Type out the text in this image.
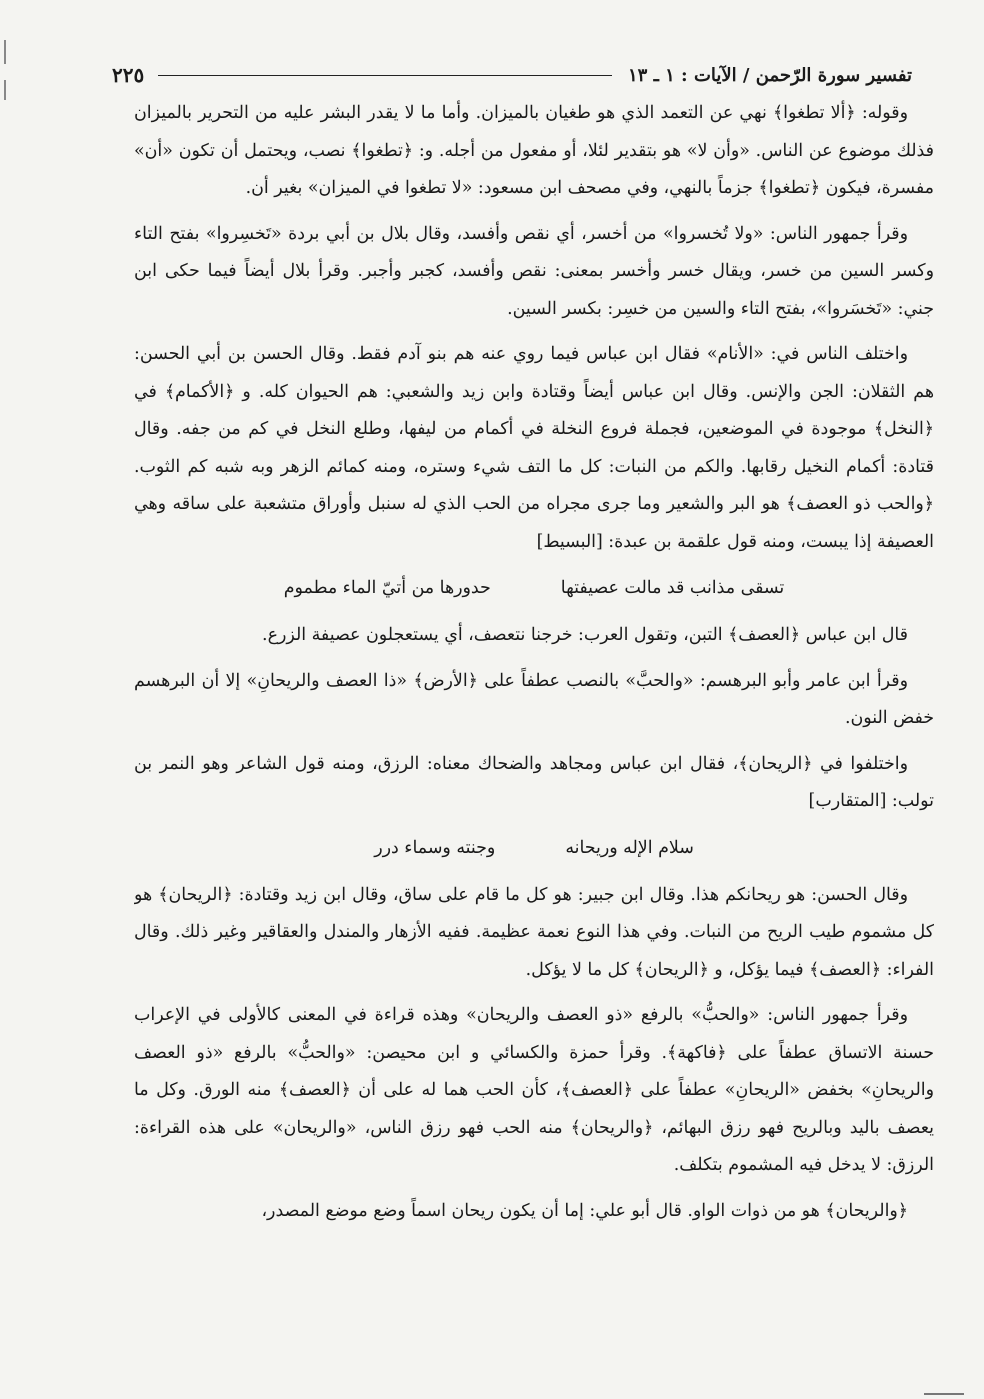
تفسير سورة الرّحمن / الآيات : ١ ـ ١٣
٢٢٥

وقوله: ﴿ألا تطغوا﴾ نهي عن التعمد الذي هو طغيان بالميزان. وأما ما لا يقدر البشر عليه من التحرير بالميزان فذلك موضوع عن الناس. «وأن لا» هو بتقدير لئلا، أو مفعول من أجله. و: ﴿تطغوا﴾ نصب، ويحتمل أن تكون «أن» مفسرة، فيكون ﴿تطغوا﴾ جزماً بالنهي، وفي مصحف ابن مسعود: «لا تطغوا في الميزان» بغير أن.

وقرأ جمهور الناس: «ولا تُخسروا» من أخسر، أي نقص وأفسد، وقال بلال بن أبي بردة «تَخسِروا» بفتح التاء وكسر السين من خسر، ويقال خسر وأخسر بمعنى: نقص وأفسد، كجبر وأجبر. وقرأ بلال أيضاً فيما حكى ابن جني: «تَخسَروا»، بفتح التاء والسين من خسِر: بكسر السين.

واختلف الناس في: «الأنام» فقال ابن عباس فيما روي عنه هم بنو آدم فقط. وقال الحسن بن أبي الحسن: هم الثقلان: الجن والإنس. وقال ابن عباس أيضاً وقتادة وابن زيد والشعبي: هم الحيوان كله. و ﴿الأكمام﴾ في ﴿النخل﴾ موجودة في الموضعين، فجملة فروع النخلة في أكمام من ليفها، وطلع النخل في كم من جفه. وقال قتادة: أكمام النخيل رقابها. والكم من النبات: كل ما التف شيء وستره، ومنه كمائم الزهر وبه شبه كم الثوب. ﴿والحب ذو العصف﴾ هو البر والشعير وما جرى مجراه من الحب الذي له سنبل وأوراق متشعبة على ساقه وهي العصيفة إذا يبست، ومنه قول علقمة بن عبدة: [البسيط]

تسقى مذانب قد مالت عصيفتها
حدورها من أتيّ الماء مطموم

قال ابن عباس ﴿العصف﴾ التبن، وتقول العرب: خرجنا نتعصف، أي يستعجلون عصيفة الزرع.

وقرأ ابن عامر وأبو البرهسم: «والحبَّ» بالنصب عطفاً على ﴿الأرض﴾ «ذا العصف والريحانِ» إلا أن البرهسم خفض النون.

واختلفوا في ﴿الريحان﴾، فقال ابن عباس ومجاهد والضحاك معناه: الرزق، ومنه قول الشاعر وهو النمر بن تولب: [المتقارب]

سلام الإله وريحانه
وجنته وسماء درر

وقال الحسن: هو ريحانكم هذا. وقال ابن جبير: هو كل ما قام على ساق، وقال ابن زيد وقتادة: ﴿الريحان﴾ هو كل مشموم طيب الريح من النبات. وفي هذا النوع نعمة عظيمة. ففيه الأزهار والمندل والعقاقير وغير ذلك. وقال الفراء: ﴿العصف﴾ فيما يؤكل، و ﴿الريحان﴾ كل ما لا يؤكل.

وقرأ جمهور الناس: «والحبُّ» بالرفع «ذو العصف والريحان» وهذه قراءة في المعنى كالأولى في الإعراب حسنة الاتساق عطفاً على ﴿فاكهة﴾. وقرأ حمزة والكسائي و ابن محيصن: «والحبُّ» بالرفع «ذو العصف والريحانِ» بخفض «الريحانِ» عطفاً على ﴿العصف﴾، كأن الحب هما له على أن ﴿العصف﴾ منه الورق. وكل ما يعصف باليد وبالريح فهو رزق البهائم، ﴿والريحان﴾ منه الحب فهو رزق الناس، «والريحان» على هذه القراءة: الرزق: لا يدخل فيه المشموم بتكلف.

﴿والريحان﴾ هو من ذوات الواو. قال أبو علي: إما أن يكون ريحان اسماً وضع موضع المصدر،
